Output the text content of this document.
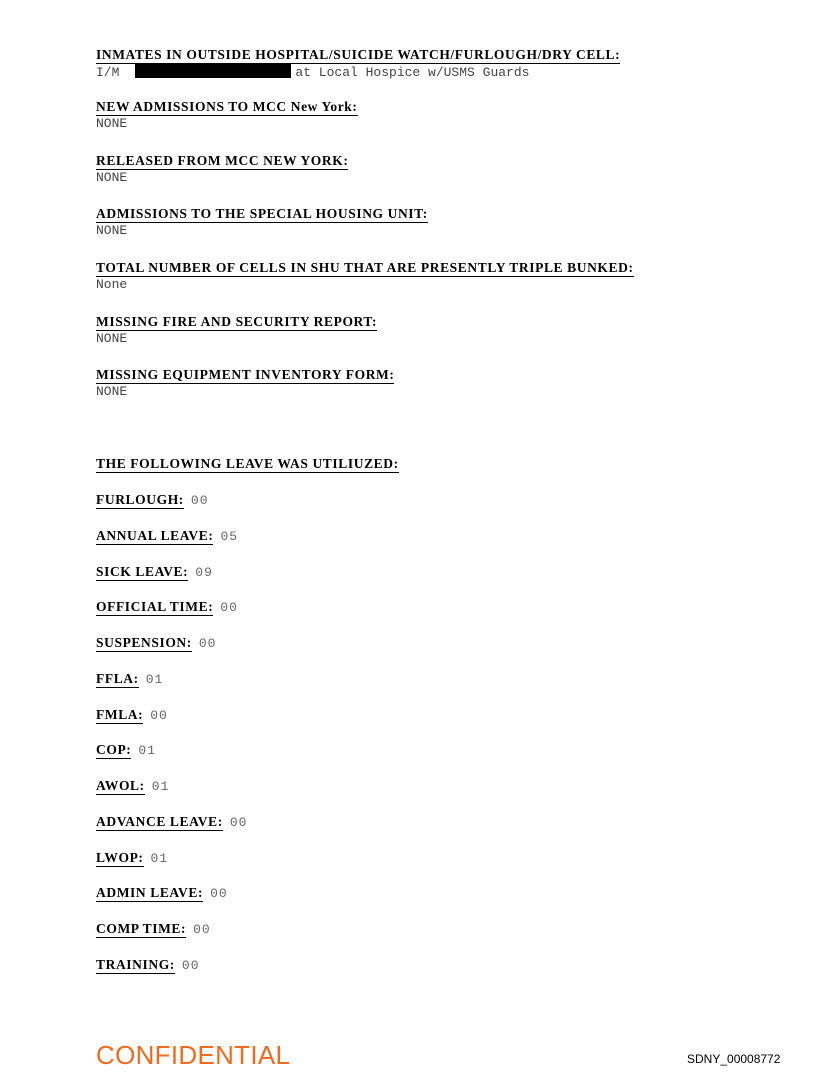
INMATES IN OUTSIDE HOSPITAL/SUICIDE WATCH/FURLOUGH/DRY CELL:
I/M	at Local Hospice w/USMS Guards
NEW ADMISSIONS TO MCC New York:
NONE
RELEASED FROM MCC NEW YORK:
NONE
ADMISSIONS TO THE SPECIAL HOUSING UNIT:
NONE
TOTAL NUMBER OF CELLS IN SHU THAT ARE PRESENTLY TRIPLE BUNKED:
None
MISSING FIRE AND SECURITY REPORT:
NONE
MISSING EQUIPMENT INVENTORY FORM:
NONE
THE FOLLOWING LEAVE WAS UTILIUZED:
FURLOUGH: 00
ANNUAL LEAVE: 05
SICK LEAVE: 09
OFFICIAL TIME: 00
SUSPENSION: 00
FFLA: 01
FMLA: 00
COP: 01
AWOL: 01
ADVANCE LEAVE: 00
LWOP: 01
ADMIN LEAVE: 00
COMP TIME: 00
TRAINING: 00
CONFIDENTIAL	SDNY_00008772
